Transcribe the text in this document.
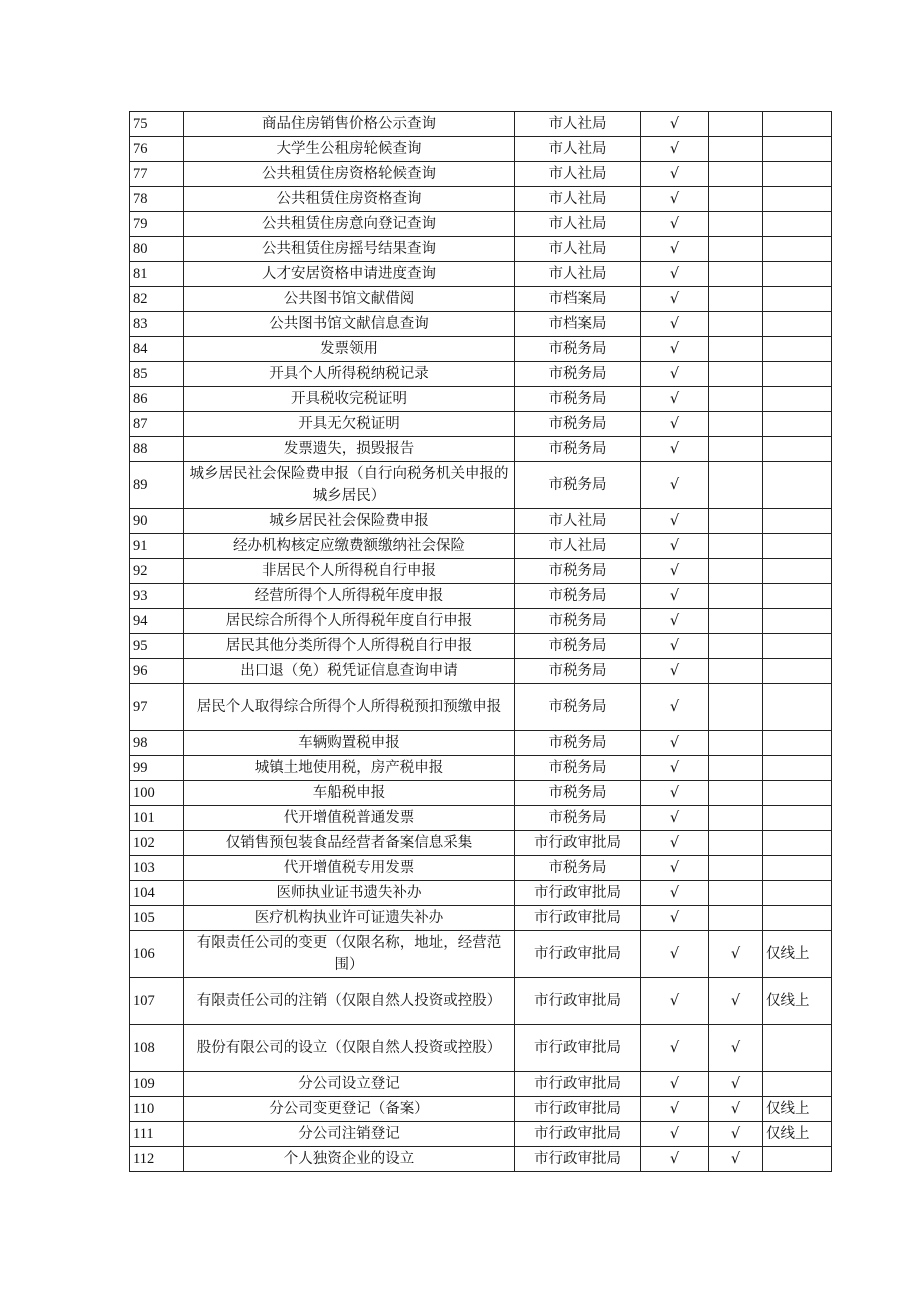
75	商品住房销售价格公示查询	市人社局	√		
76	大学生公租房轮候查询	市人社局	√		
77	公共租赁住房资格轮候查询	市人社局	√		
78	公共租赁住房资格查询	市人社局	√		
79	公共租赁住房意向登记查询	市人社局	√		
80	公共租赁住房摇号结果查询	市人社局	√		
81	人才安居资格申请进度查询	市人社局	√		
82	公共图书馆文献借阅	市档案局	√		
83	公共图书馆文献信息查询	市档案局	√		
84	发票领用	市税务局	√		
85	开具个人所得税纳税记录	市税务局	√		
86	开具税收完税证明	市税务局	√		
87	开具无欠税证明	市税务局	√		
88	发票遗失，损毁报告	市税务局	√		
89	城乡居民社会保险费申报（自行向税务机关申报的城乡居民）	市税务局	√		
90	城乡居民社会保险费申报	市人社局	√		
91	经办机构核定应缴费额缴纳社会保险	市人社局	√		
92	非居民个人所得税自行申报	市税务局	√		
93	经营所得个人所得税年度申报	市税务局	√		
94	居民综合所得个人所得税年度自行申报	市税务局	√		
95	居民其他分类所得个人所得税自行申报	市税务局	√		
96	出口退（免）税凭证信息查询申请	市税务局	√		
97	居民个人取得综合所得个人所得税预扣预缴申报	市税务局	√		
98	车辆购置税申报	市税务局	√		
99	城镇土地使用税，房产税申报	市税务局	√		
100	车船税申报	市税务局	√		
101	代开增值税普通发票	市税务局	√		
102	仅销售预包装食品经营者备案信息采集	市行政审批局	√		
103	代开增值税专用发票	市税务局	√		
104	医师执业证书遗失补办	市行政审批局	√		
105	医疗机构执业许可证遗失补办	市行政审批局	√		
106	有限责任公司的变更（仅限名称，地址，经营范围）	市行政审批局	√	√	仅线上
107	有限责任公司的注销（仅限自然人投资或控股）	市行政审批局	√	√	仅线上
108	股份有限公司的设立（仅限自然人投资或控股）	市行政审批局	√	√	
109	分公司设立登记	市行政审批局	√	√	
110	分公司变更登记（备案）	市行政审批局	√	√	仅线上
111	分公司注销登记	市行政审批局	√	√	仅线上
112	个人独资企业的设立	市行政审批局	√	√	
